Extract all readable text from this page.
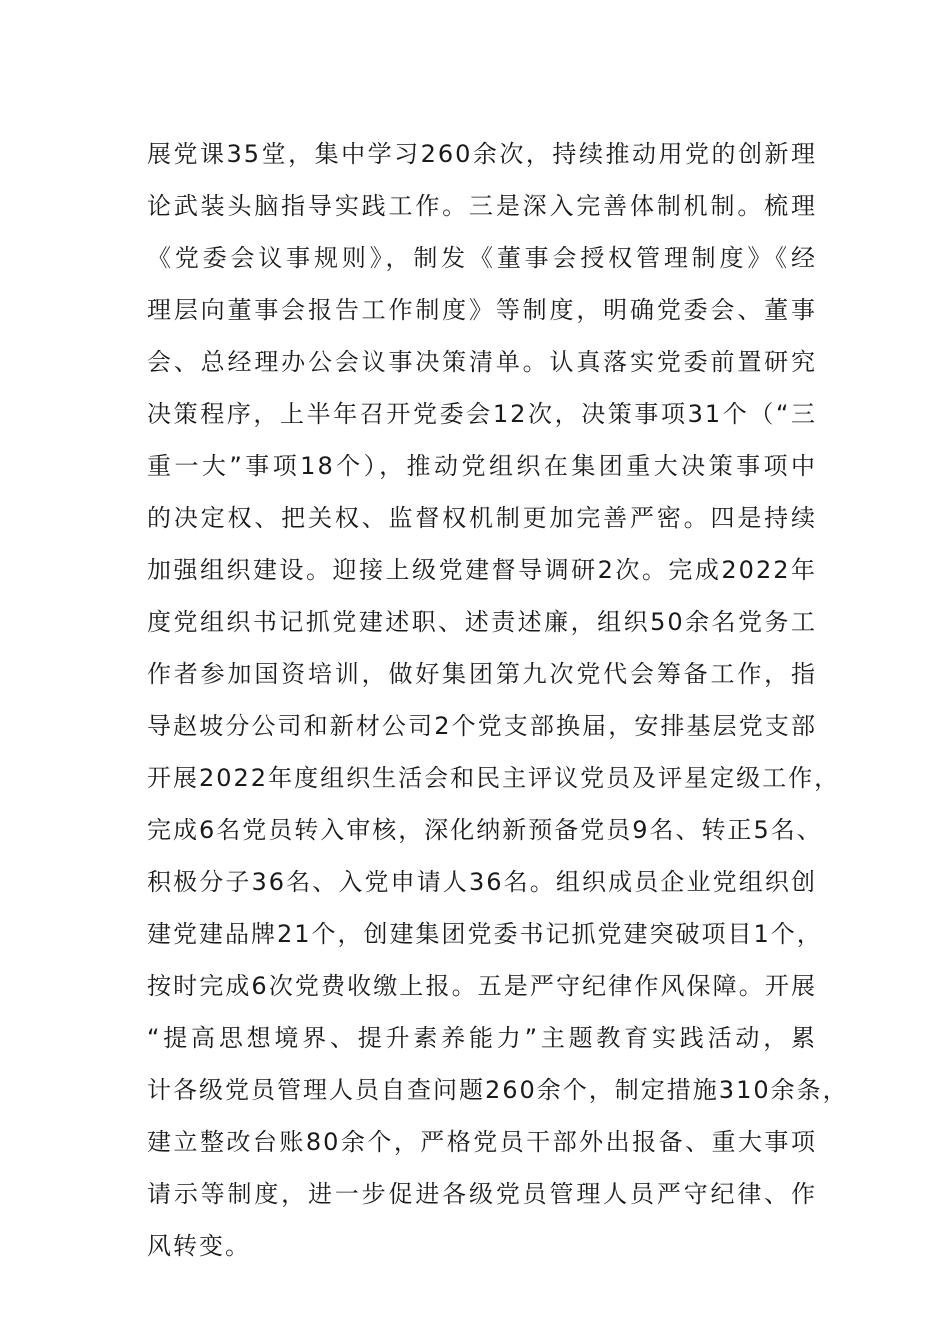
展党课35堂，集中学习260余次，持续推动用党的创新理
论武装头脑指导实践工作。三是深入完善体制机制。梳理
《党委会议事规则》，制发《董事会授权管理制度》《经
理层向董事会报告工作制度》等制度，明确党委会、董事
会、总经理办公会议事决策清单。认真落实党委前置研究
决策程序，上半年召开党委会12次，决策事项31个（“三
重一大”事项18个），推动党组织在集团重大决策事项中
的决定权、把关权、监督权机制更加完善严密。四是持续
加强组织建设。迎接上级党建督导调研2次。完成2022年
度党组织书记抓党建述职、述责述廉，组织50余名党务工
作者参加国资培训，做好集团第九次党代会筹备工作，指
导赵坡分公司和新材公司2个党支部换届，安排基层党支部
开展2022年度组织生活会和民主评议党员及评星定级工作，
完成6名党员转入审核，深化纳新预备党员9名、转正5名、
积极分子36名、入党申请人36名。组织成员企业党组织创
建党建品牌21个，创建集团党委书记抓党建突破项目1个，
按时完成6次党费收缴上报。五是严守纪律作风保障。开展
“提高思想境界、提升素养能力”主题教育实践活动，累
计各级党员管理人员自查问题260余个，制定措施310余条，
建立整改台账80余个，严格党员干部外出报备、重大事项
请示等制度，进一步促进各级党员管理人员严守纪律、作
风转变。
